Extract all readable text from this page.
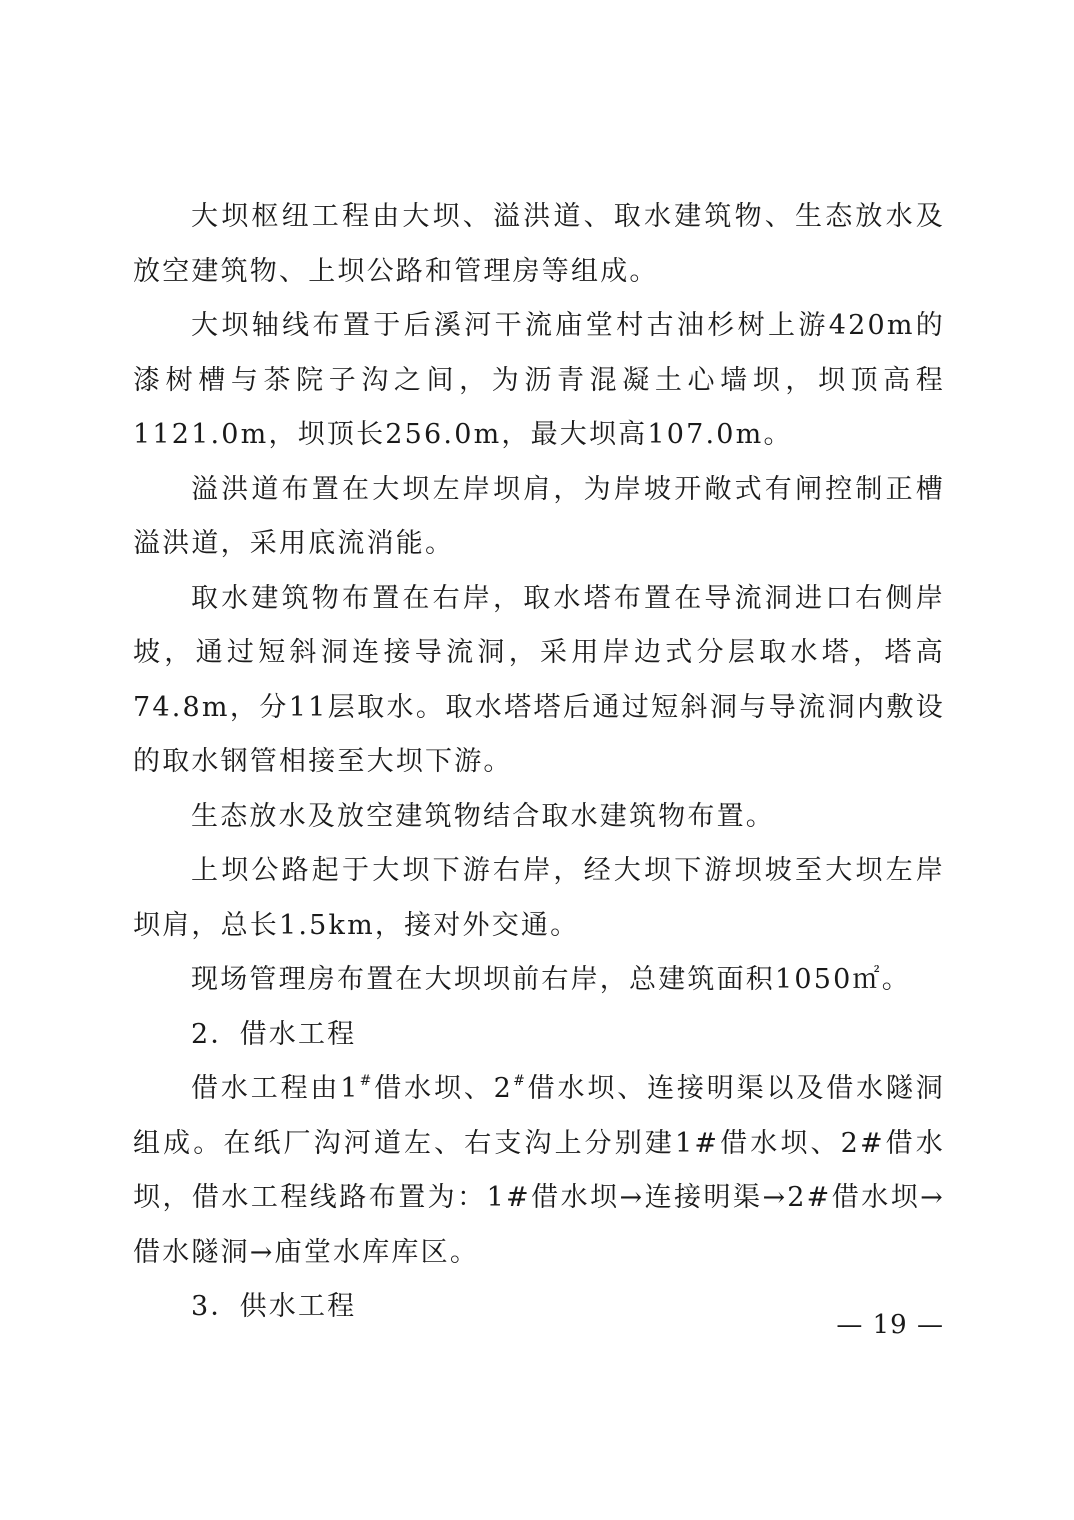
大坝枢纽工程由大坝、溢洪道、取水建筑物、生态放水及放空建筑物、上坝公路和管理房等组成。

大坝轴线布置于后溪河干流庙堂村古油杉树上游420m的漆树槽与茶院子沟之间，为沥青混凝土心墙坝，坝顶高程1121.0m，坝顶长256.0m，最大坝高107.0m。

溢洪道布置在大坝左岸坝肩，为岸坡开敞式有闸控制正槽溢洪道，采用底流消能。

取水建筑物布置在右岸，取水塔布置在导流洞进口右侧岸坡，通过短斜洞连接导流洞，采用岸边式分层取水塔，塔高74.8m，分11层取水。取水塔塔后通过短斜洞与导流洞内敷设的取水钢管相接至大坝下游。

生态放水及放空建筑物结合取水建筑物布置。

上坝公路起于大坝下游右岸，经大坝下游坝坡至大坝左岸坝肩，总长1.5km，接对外交通。

现场管理房布置在大坝坝前右岸，总建筑面积1050㎡。

2．借水工程

借水工程由1#借水坝、2#借水坝、连接明渠以及借水隧洞组成。在纸厂沟河道左、右支沟上分别建1#借水坝、2#借水坝，借水工程线路布置为：1#借水坝→连接明渠→2#借水坝→借水隧洞→庙堂水库库区。

3．供水工程

— 19 —
